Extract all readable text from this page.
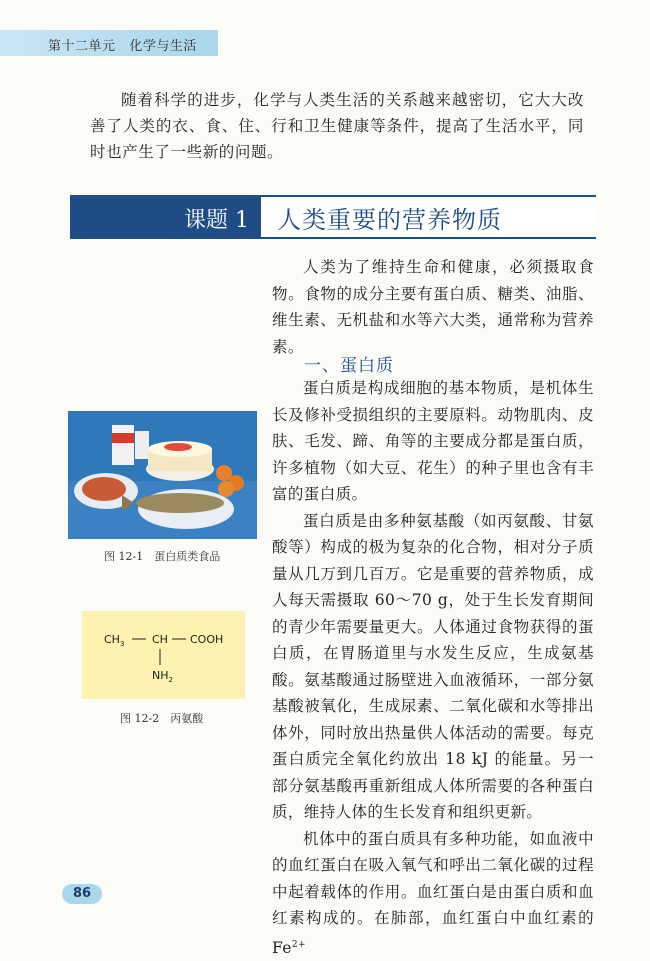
第十二单元 化学与生活

随着科学的进步，化学与人类生活的关系越来越密切，它大大改善了人类的衣、食、住、行和卫生健康等条件，提高了生活水平，同时也产生了一些新的问题。

课题 1 人类重要的营养物质

人类为了维持生命和健康，必须摄取食物。食物的成分主要有蛋白质、糖类、油脂、维生素、无机盐和水等六大类，通常称为营养素。

一、蛋白质

蛋白质是构成细胞的基本物质，是机体生长及修补受损组织的主要原料。动物肌肉、皮肤、毛发、蹄、角等的主要成分都是蛋白质，许多植物（如大豆、花生）的种子里也含有丰富的蛋白质。

蛋白质是由多种氨基酸（如丙氨酸、甘氨酸等）构成的极为复杂的化合物，相对分子质量从几万到几百万。它是重要的营养物质，成人每天需摄取 60～70 g，处于生长发育期间的青少年需要量更大。人体通过食物获得的蛋白质，在胃肠道里与水发生反应，生成氨基酸。氨基酸通过肠壁进入血液循环，一部分氨基酸被氧化，生成尿素、二氧化碳和水等排出体外，同时放出热量供人体活动的需要。每克蛋白质完全氧化约放出 18 kJ 的能量。另一部分氨基酸再重新组成人体所需要的各种蛋白质，维持人体的生长发育和组织更新。

机体中的蛋白质具有多种功能，如血液中的血红蛋白在吸入氧气和呼出二氧化碳的过程中起着载体的作用。血红蛋白是由蛋白质和血红素构成的。在肺部，血红蛋白中血红素的 $Fe^{2+}$

图 12-1　蛋白质类食品
$CH_3$	CH COOH
$NH_2$
图 12-2　丙氨酸
86
